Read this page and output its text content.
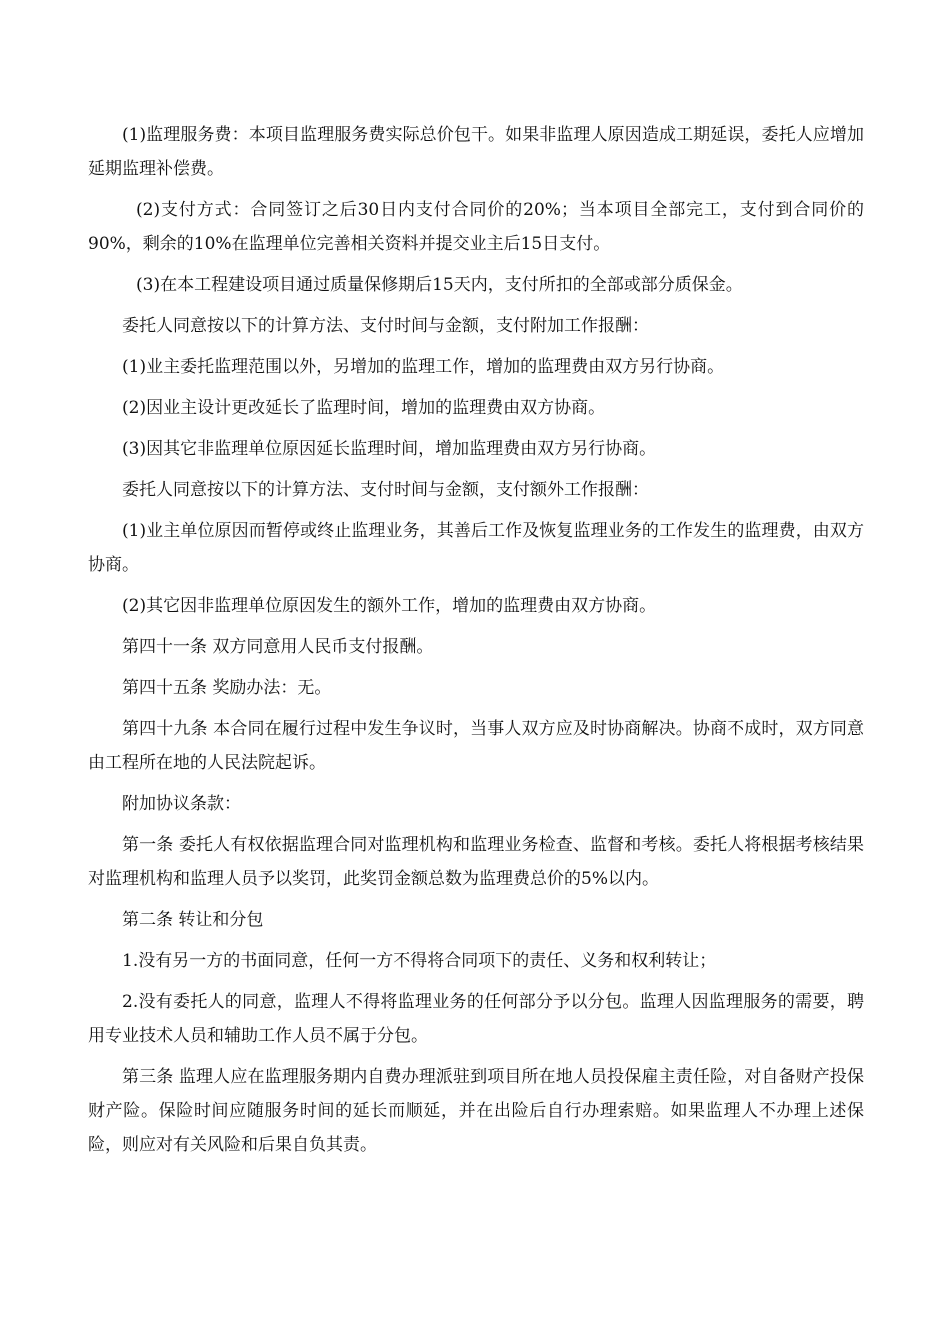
(1)监理服务费：本项目监理服务费实际总价包干。如果非监理人原因造成工期延误，委托人应增加延期监理补偿费。

(2)支付方式：合同签订之后30日内支付合同价的20%；当本项目全部完工，支付到合同价的90%，剩余的10%在监理单位完善相关资料并提交业主后15日支付。

(3)在本工程建设项目通过质量保修期后15天内，支付所扣的全部或部分质保金。

委托人同意按以下的计算方法、支付时间与金额，支付附加工作报酬：

(1)业主委托监理范围以外，另增加的监理工作，增加的监理费由双方另行协商。

(2)因业主设计更改延长了监理时间，增加的监理费由双方协商。

(3)因其它非监理单位原因延长监理时间，增加监理费由双方另行协商。

委托人同意按以下的计算方法、支付时间与金额，支付额外工作报酬：

(1)业主单位原因而暂停或终止监理业务，其善后工作及恢复监理业务的工作发生的监理费，由双方协商。

(2)其它因非监理单位原因发生的额外工作，增加的监理费由双方协商。

第四十一条 双方同意用人民币支付报酬。

第四十五条 奖励办法：无。

第四十九条 本合同在履行过程中发生争议时，当事人双方应及时协商解决。协商不成时，双方同意由工程所在地的人民法院起诉。

附加协议条款：

第一条 委托人有权依据监理合同对监理机构和监理业务检查、监督和考核。委托人将根据考核结果对监理机构和监理人员予以奖罚，此奖罚金额总数为监理费总价的5%以内。

第二条 转让和分包

1.没有另一方的书面同意，任何一方不得将合同项下的责任、义务和权利转让；

2.没有委托人的同意，监理人不得将监理业务的任何部分予以分包。监理人因监理服务的需要，聘用专业技术人员和辅助工作人员不属于分包。

第三条 监理人应在监理服务期内自费办理派驻到项目所在地人员投保雇主责任险，对自备财产投保财产险。保险时间应随服务时间的延长而顺延，并在出险后自行办理索赔。如果监理人不办理上述保险，则应对有关风险和后果自负其责。
